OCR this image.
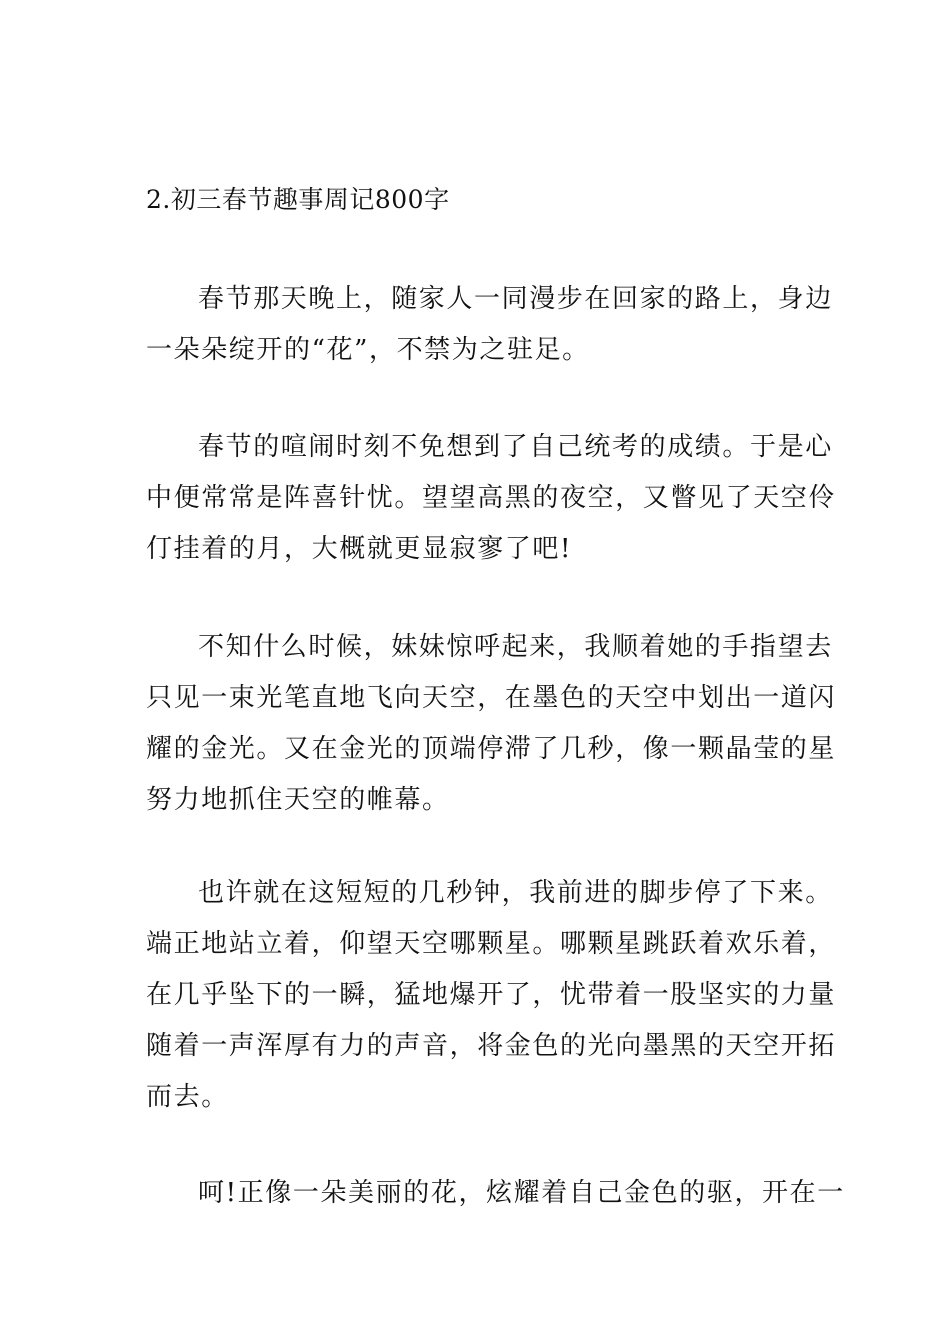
2.初三春节趣事周记800字
春节那天晚上，随家人一同漫步在回家的路上，身边
一朵朵绽开的“花”，不禁为之驻足。
春节的喧闹时刻不免想到了自己统考的成绩。于是心
中便常常是阵喜针忧。望望高黑的夜空，又瞥见了天空伶
仃挂着的月，大概就更显寂寥了吧!
不知什么时候，妹妹惊呼起来，我顺着她的手指望去
只见一束光笔直地飞向天空，在墨色的天空中划出一道闪
耀的金光。又在金光的顶端停滞了几秒，像一颗晶莹的星
努力地抓住天空的帷幕。
也许就在这短短的几秒钟，我前进的脚步停了下来。
端正地站立着，仰望天空哪颗星。哪颗星跳跃着欢乐着，
在几乎坠下的一瞬，猛地爆开了，忧带着一股坚实的力量
随着一声浑厚有力的声音，将金色的光向墨黑的天空开拓
而去。
呵!正像一朵美丽的花，炫耀着自己金色的驱，开在一
